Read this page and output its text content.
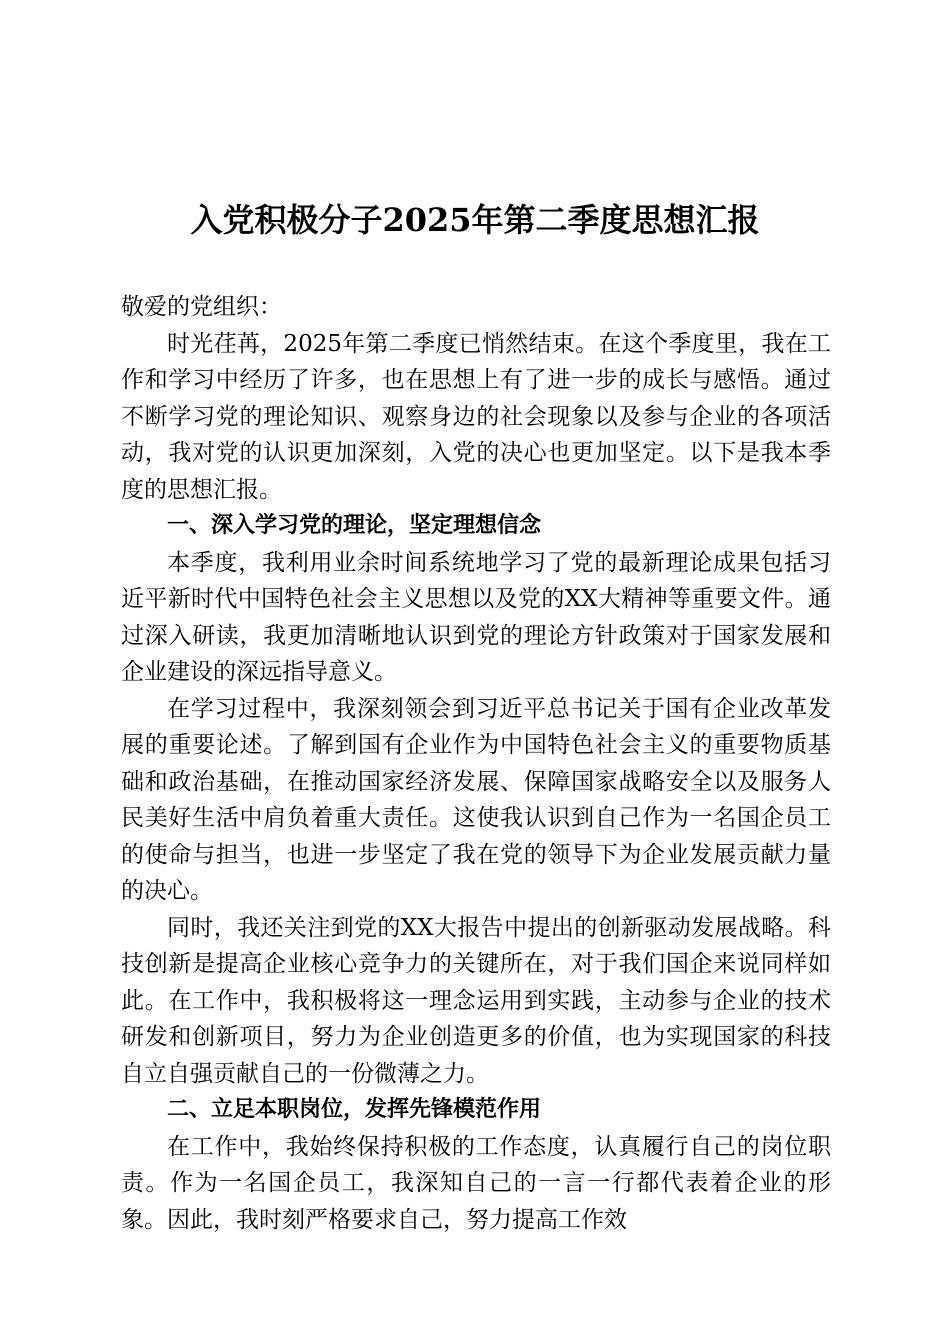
入党积极分子2025年第二季度思想汇报

敬爱的党组织：

时光荏苒，2025年第二季度已悄然结束。在这个季度里，我在工作和学习中经历了许多，也在思想上有了进一步的成长与感悟。通过不断学习党的理论知识、观察身边的社会现象以及参与企业的各项活动，我对党的认识更加深刻，入党的决心也更加坚定。以下是我本季度的思想汇报。

一、深入学习党的理论，坚定理想信念

本季度，我利用业余时间系统地学习了党的最新理论成果包括习近平新时代中国特色社会主义思想以及党的XX大精神等重要文件。通过深入研读，我更加清晰地认识到党的理论方针政策对于国家发展和企业建设的深远指导意义。

在学习过程中，我深刻领会到习近平总书记关于国有企业改革发展的重要论述。了解到国有企业作为中国特色社会主义的重要物质基础和政治基础，在推动国家经济发展、保障国家战略安全以及服务人民美好生活中肩负着重大责任。这使我认识到自己作为一名国企员工的使命与担当，也进一步坚定了我在党的领导下为企业发展贡献力量的决心。

同时，我还关注到党的XX大报告中提出的创新驱动发展战略。科技创新是提高企业核心竞争力的关键所在，对于我们国企来说同样如此。在工作中，我积极将这一理念运用到实践，主动参与企业的技术研发和创新项目，努力为企业创造更多的价值，也为实现国家的科技自立自强贡献自己的一份微薄之力。

二、立足本职岗位，发挥先锋模范作用

在工作中，我始终保持积极的工作态度，认真履行自己的岗位职责。作为一名国企员工，我深知自己的一言一行都代表着企业的形象。因此，我时刻严格要求自己，努力提高工作效
